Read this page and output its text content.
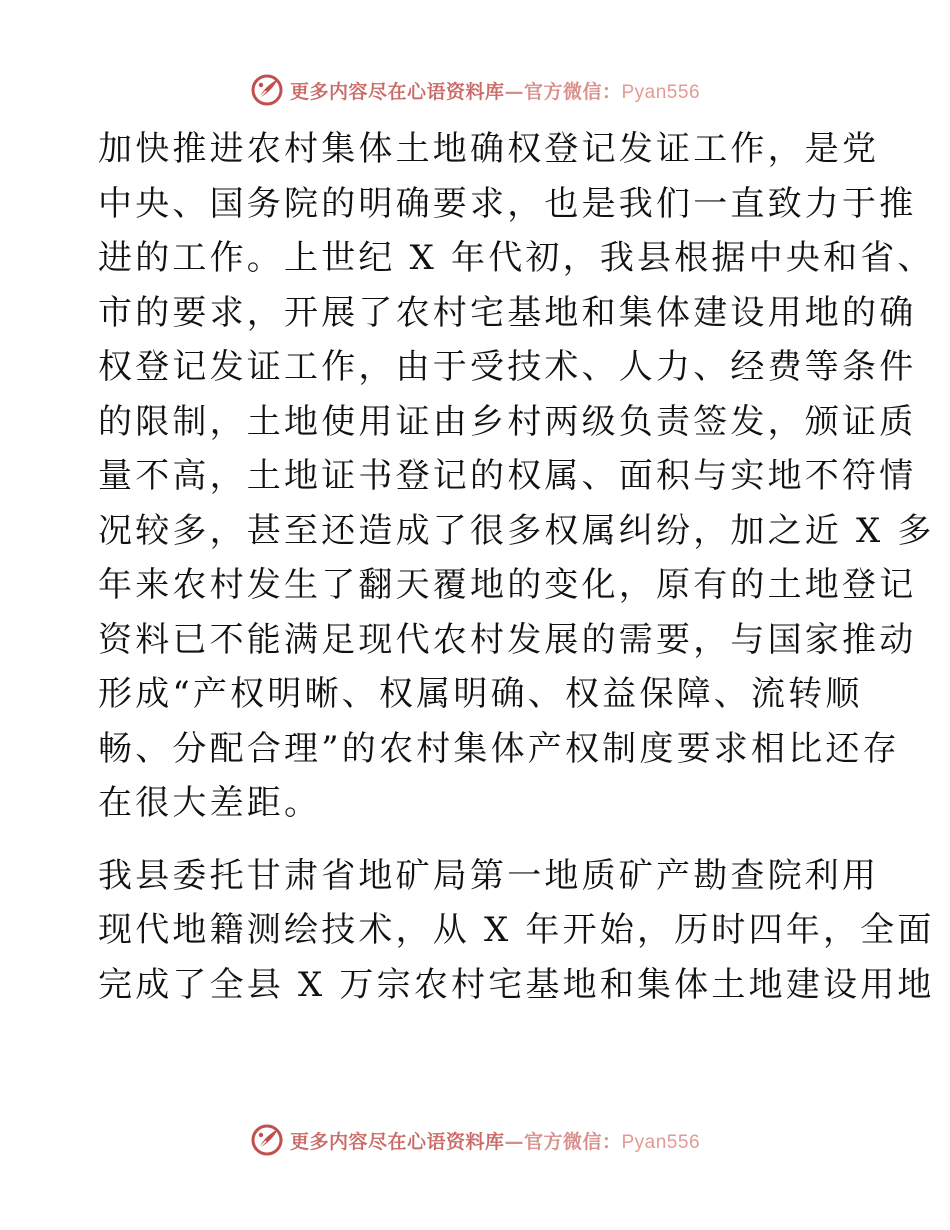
更多内容尽在心语资料库—官方微信：Pyan556

加快推进农村集体土地确权登记发证工作，是党
中央、国务院的明确要求，也是我们一直致力于推
进的工作。上世纪 X 年代初，我县根据中央和省、
市的要求，开展了农村宅基地和集体建设用地的确
权登记发证工作，由于受技术、人力、经费等条件
的限制，土地使用证由乡村两级负责签发，颁证质
量不高，土地证书登记的权属、面积与实地不符情
况较多，甚至还造成了很多权属纠纷，加之近 X 多
年来农村发生了翻天覆地的变化，原有的土地登记
资料已不能满足现代农村发展的需要，与国家推动
形成“产权明晰、权属明确、权益保障、流转顺
畅、分配合理”的农村集体产权制度要求相比还存
在很大差距。

我县委托甘肃省地矿局第一地质矿产勘查院利用
现代地籍测绘技术，从 X 年开始，历时四年，全面
完成了全县 X 万宗农村宅基地和集体土地建设用地

更多内容尽在心语资料库—官方微信：Pyan556
